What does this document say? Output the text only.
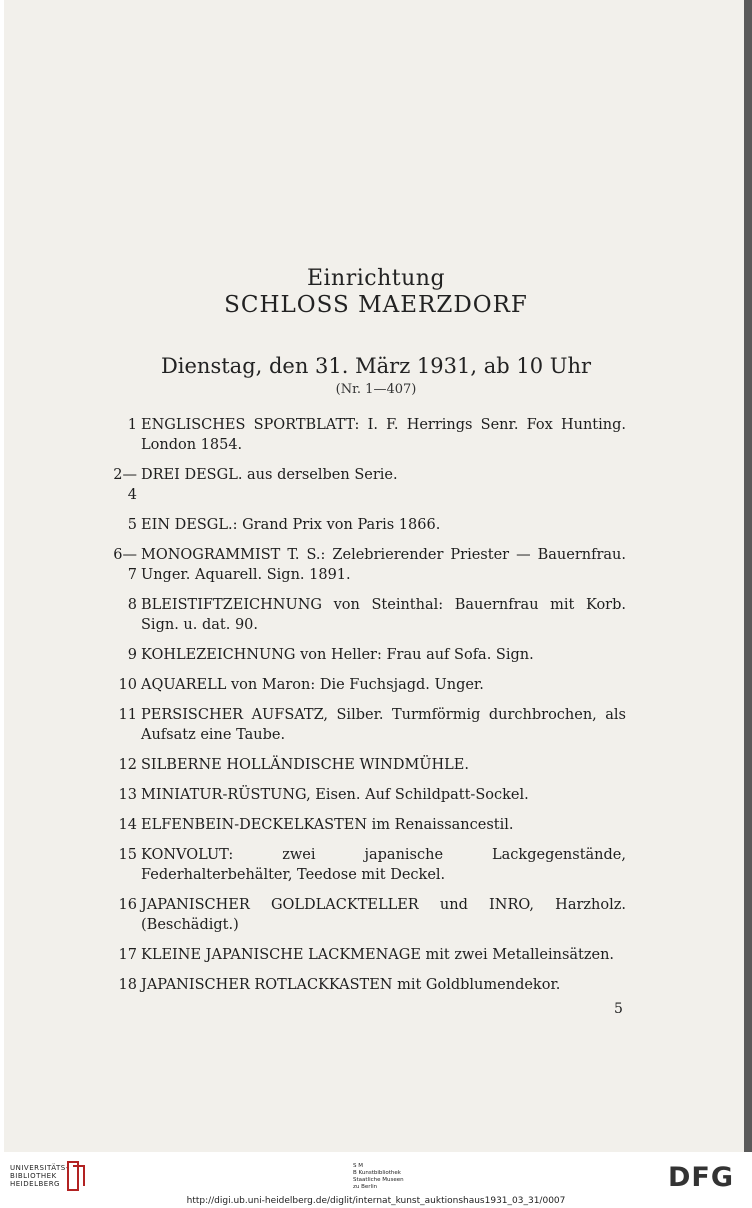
Einrichtung
SCHLOSS MAERZDORF
Dienstag, den 31. März 1931, ab 10 Uhr
(Nr. 1—407)
1 ENGLISCHES SPORTBLATT: I. F. Herrings Senr. Fox Hunting. London 1854.
2—4
DREI DESGL. aus derselben Serie.
5 EIN DESGL.: Grand Prix von Paris 1866.
6—7
MONOGRAMMIST T. S.: Zelebrierender Priester — Bauernfrau. Unger. Aquarell. Sign. 1891.
8 BLEISTIFTZEICHNUNG von Steinthal: Bauernfrau mit Korb. Sign. u. dat. 90.
9 KOHLEZEICHNUNG von Heller: Frau auf Sofa. Sign.
10 AQUARELL von Maron: Die Fuchsjagd. Unger.
11 PERSISCHER AUFSATZ, Silber. Turmförmig durchbrochen, als Aufsatz eine Taube.
12 SILBERNE HOLLÄNDISCHE WINDMÜHLE.
13 MINIATUR-RÜSTUNG, Eisen. Auf Schildpatt-Sockel.
14 ELFENBEIN-DECKELKASTEN im Renaissancestil.
15 KONVOLUT: zwei japanische Lackgegenstände, Federhalterbehälter, Teedose mit Deckel.
16 JAPANISCHER GOLDLACKTELLER und INRO, Harzholz. (Beschädigt.)
17 KLEINE JAPANISCHE LACKMENAGE mit zwei Metalleinsätzen.
18 JAPANISCHER ROTLACKKASTEN mit Goldblumendekor.
5
UNIVERSITÄTS-
BIBLIOTHEK
HEIDELBERG
S M
B Kunstbibliothek
Staatliche Museen
zu Berlin	DFG
http://digi.ub.uni-heidelberg.de/diglit/internat_kunst_auktionshaus1931_03_31/0007
